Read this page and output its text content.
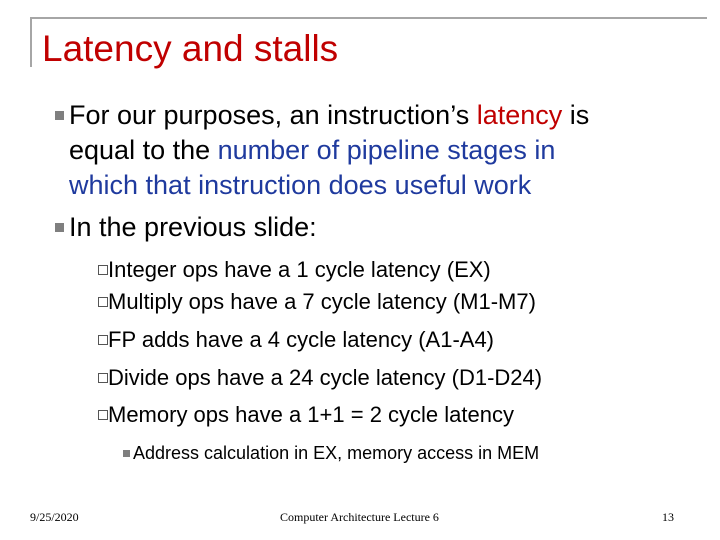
Latency and stalls
For our purposes, an instruction’s latency is
equal to the number of pipeline stages in
which that instruction does useful work
In the previous slide:
Integer ops have a 1 cycle latency (EX)
Multiply ops have a 7 cycle latency (M1-M7)
FP adds have a 4 cycle latency (A1-A4)
Divide ops have a 24 cycle latency (D1-D24)
Memory ops have a 1+1 = 2 cycle latency
Address calculation in EX, memory access in MEM
9/25/2020	Computer Architecture Lecture 6	13
